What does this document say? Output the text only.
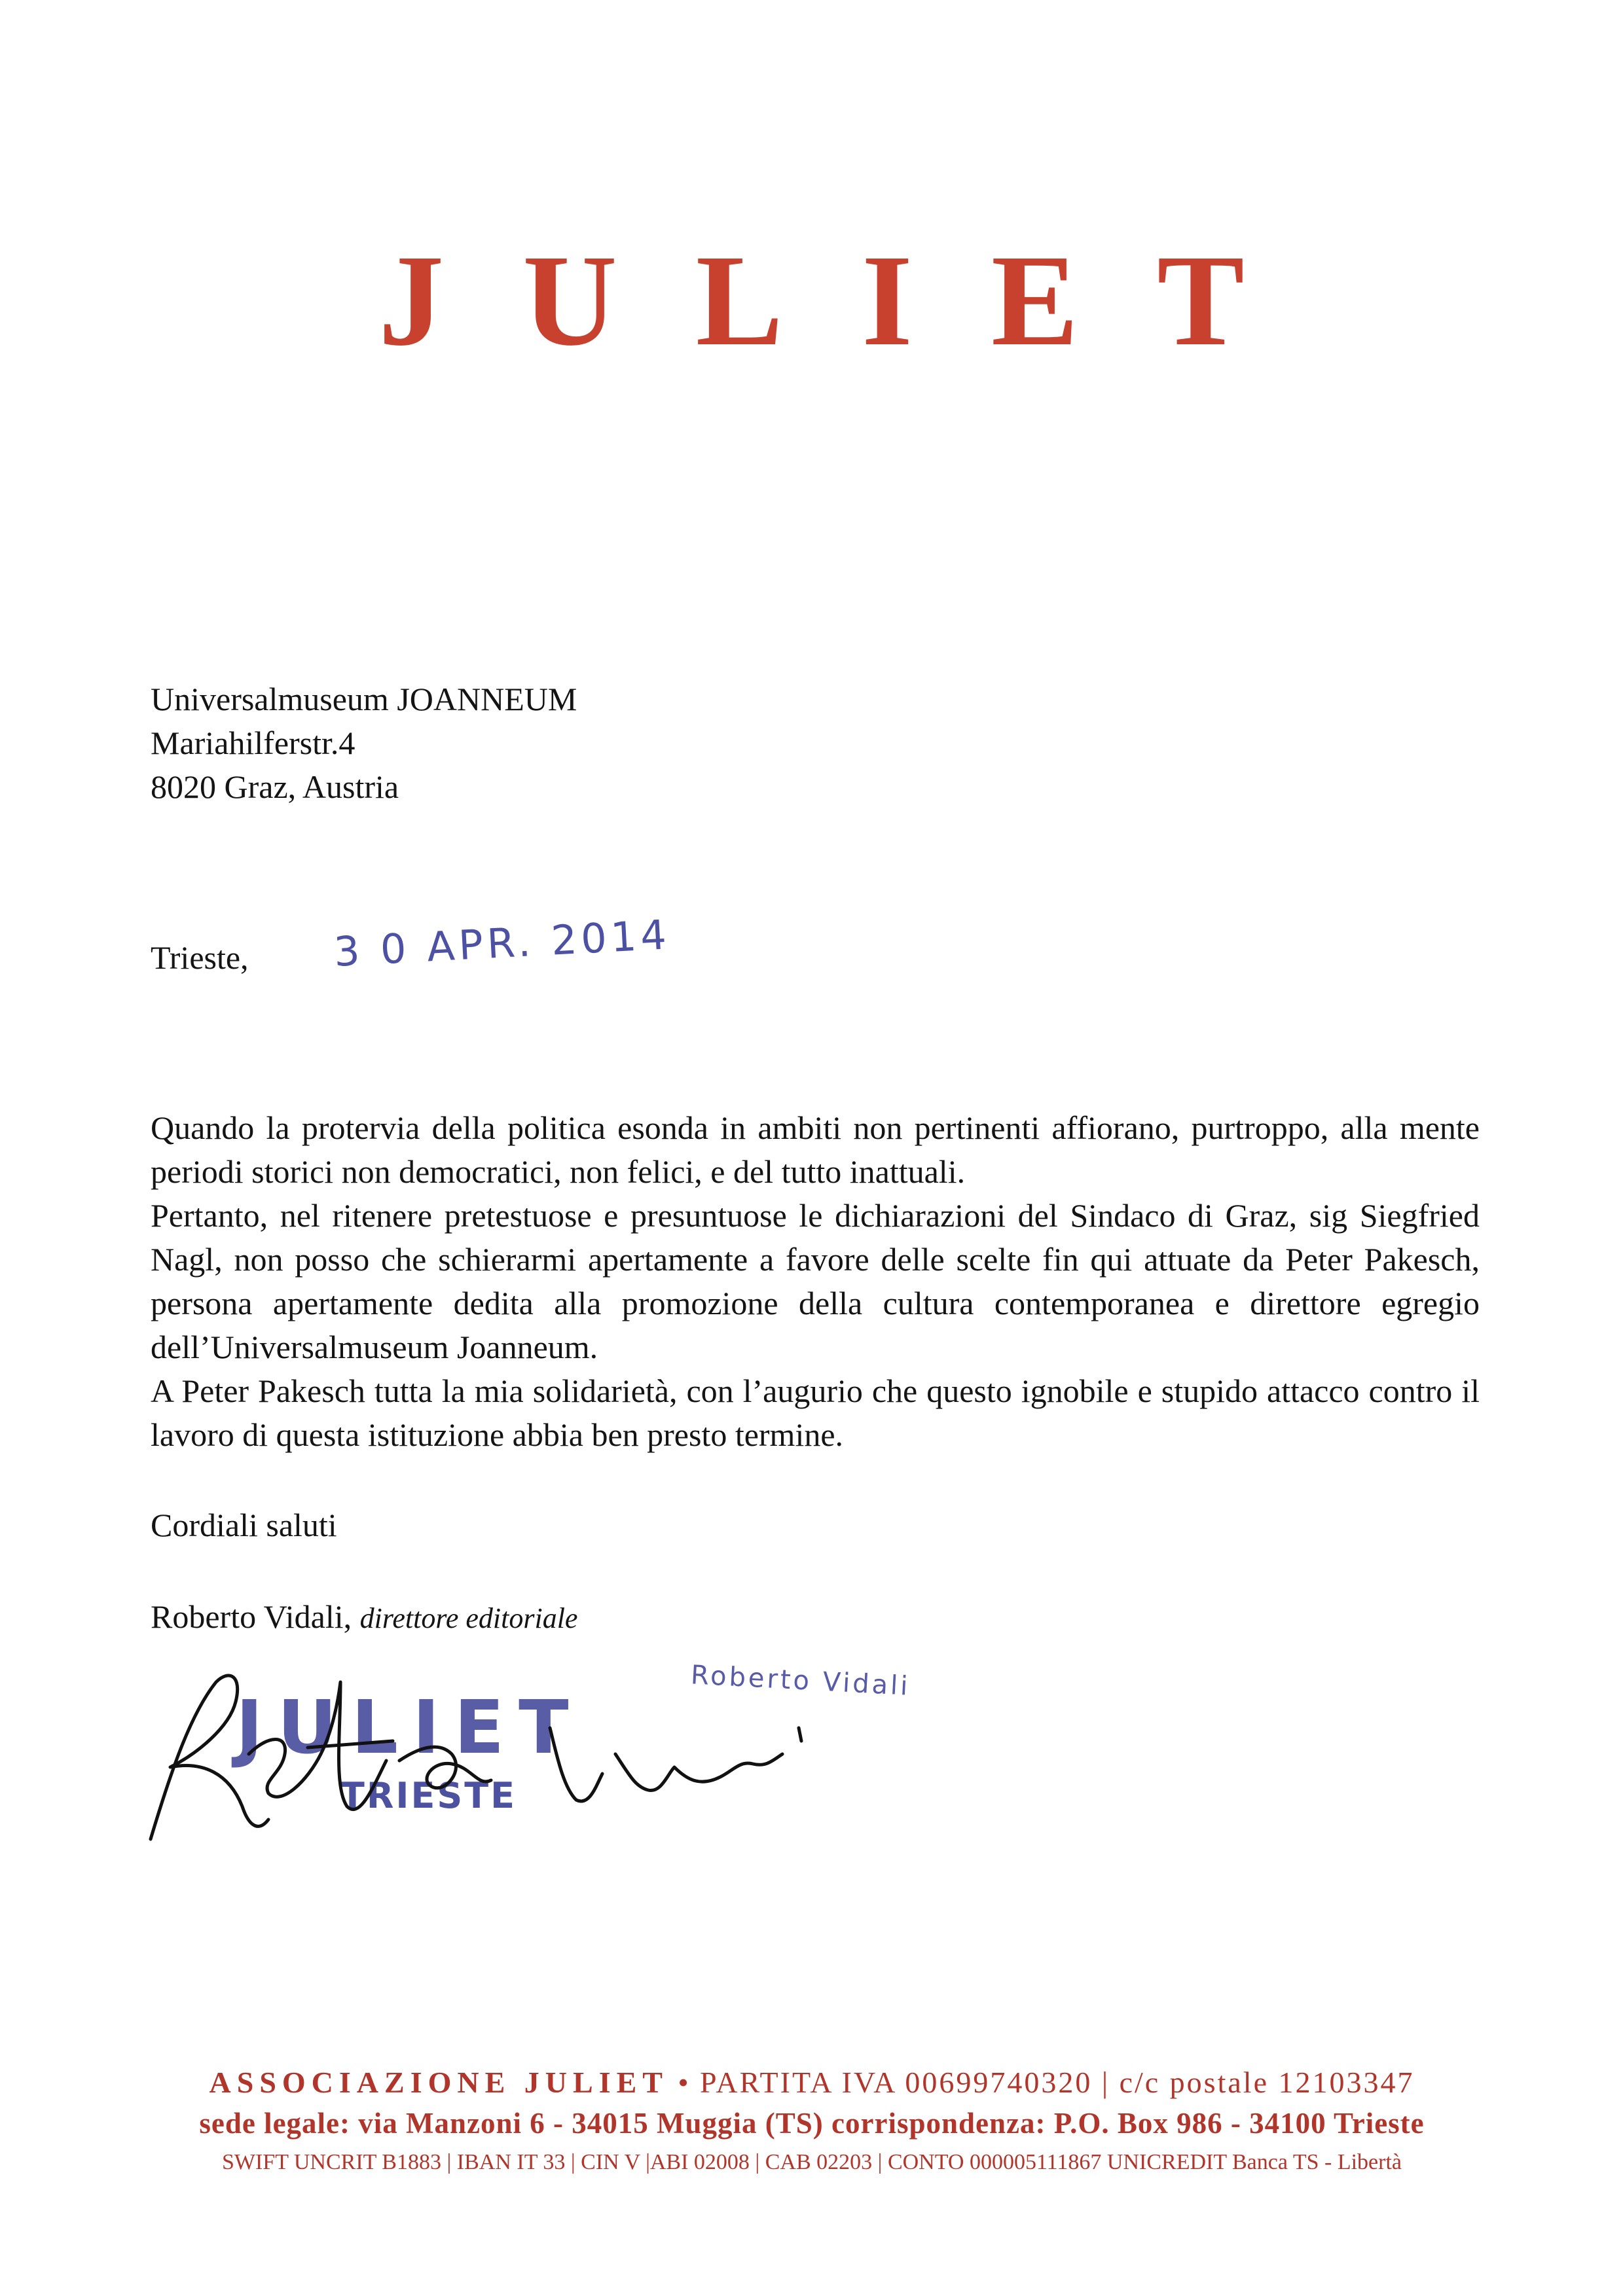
JULIET
Universalmuseum JOANNEUM
Mariahilferstr.4
8020 Graz, Austria
Trieste, 3 0 APR. 2014

Quando la protervia della politica esonda in ambiti non pertinenti affiorano, purtroppo, alla mente periodi storici non democratici, non felici, e del tutto inattuali.

Pertanto, nel ritenere pretestuose e presuntuose le dichiarazioni del Sindaco di Graz, sig Siegfried Nagl, non posso che schierarmi apertamente a favore delle scelte fin qui attuate da Peter Pakesch, persona apertamente dedita alla promozione della cultura contemporanea e direttore egregio dell’Universalmuseum Joanneum.

A Peter Pakesch tutta la mia solidarietà, con l’augurio che questo ignobile e stupido attacco contro il lavoro di questa istituzione abbia ben presto termine.

Cordiali saluti
Roberto Vidali, direttore editoriale
Roberto Vidali
JULIET
TRIESTE
ASSOCIAZIONE JULIET • PARTITA IVA 00699740320 | c/c postale 12103347
sede legale: via Manzoni 6 - 34015 Muggia (TS) corrispondenza: P.O. Box 986 - 34100 Trieste
SWIFT UNCRIT B1883 | IBAN IT 33 | CIN V |ABI 02008 | CAB 02203 | CONTO 000005111867 UNICREDIT Banca TS - Libertà
